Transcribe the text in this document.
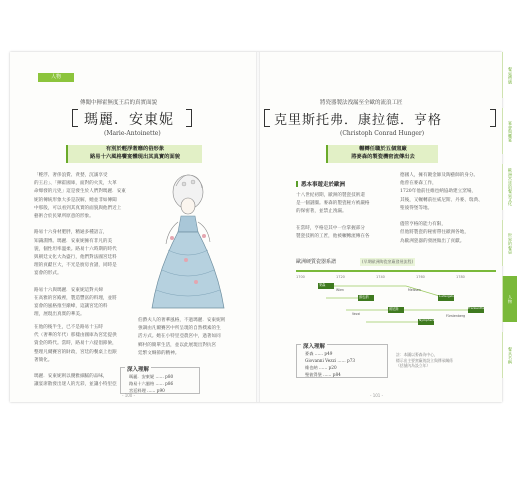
人物
傳聞中揮霍無度王后的真實面貌
瑪麗．安東妮
(Marie-Antoinette)
有別於輕浮奢靡的俗形象
路易十六風格饗宴體現出其真實的面貌
「輕浮、奢侈浪費、貪婪，沉溺享受
的王后」、「揮霍國庫，面對的火災，大革
命爆發的元兇」這是發生於人們對瑪麗．安東
妮的傳統形象大多是誤解，她並非如傳聞
中那般，可以看到其真實的面貌與他們近上
藝術合於民眾所原意的形象。

路易十六身材肥胖，精通多種語言，
知識淵博。瑪麗．安東妮擁有非凡的美
貌，個性坦率溫柔。路易十六時期的時代
與朝廷文化大為盛行，他們對法國宮廷料
理的貢獻巨大，不光是廚房食譜，同時是
宴會的形式。

路易十六與瑪麗．安東妮這對夫婦
在高雅的宮殿裡，製造豐富的料理，並將
宴會的風格推至巔峰，這讓宮廷的料
理，展現出真實的華美。
在他的後半生，已不是路易十五時
代（奢華的年代）那樣由國庫為宮廷提供
資金的時代。當時，路易十六提倡節儉，
整理凡爾賽宮的財政，宮廷的餐桌上也跟
著簡化。

瑪麗．安東妮則以優雅細膩的品味，
讓宴席散發出迷人的光彩，並讓小特里亞
伯爵夫人的奢華風格，不過瑪麗．安東妮則
強調由凡爾賽宮中所呈現的自然樸素的生
活方式。她在小特里亞農宮中，過著如同
鄉村的簡單生活，並以此展現出對抗宮
廷繁文縟節的精神。
深入理解
瑪麗．安東妮 …… p80
路易十六風格 …… p86
宮廷料理 …… p90
- 100 -
將瓷器製法洩漏至全歐的流浪工匠
克里斯托弗．康拉德．亨格
(Christoph Conrad Hunger)
輾轉任職於五個窯廠
將麥森的製瓷機密流傳出去
悉本事遊走於歐洲
十八世紀初期，歐洲的製瓷技術還
是一個謎團。麥森的製瓷秘方被嚴格
的保密著，並禁止洩漏。

在當時，亨格是其中一位掌握部分
製瓷技術的工匠，他被輾轉流傳在各
德國人，擁有鍍金師及陶藝師的身分。
他曾在麥森工作，
1720年他前往維也納協助建立窯場，
其後，又輾轉前往威尼斯、丹麥、瑞典、
聖彼得堡等地。

儘管亨格的能力有限，
但他將製瓷的秘密帶往歐洲各地，
為歐洲瓷器的發展做出了貢獻。
歐洲硬質瓷器系譜	(早期歐洲陶瓷窯廠發展流程)
1700	1720	1740	1760	1780
麥森
維也納
威尼斯
Wien
Vezzi
Nymphenburg
Meissen
Ludwigsburg
Frankenthal
Fürstenberg
深入理解
麥森 …… p49
Giovanni Vezzi …… p73
維也納 …… p20
聖彼得堡 …… p84
註：本圖以麥森為中心，
標示出主要窯廠的設立與傳承關係
（括號內為設立年）
- 101 -
餐桌禮儀
宴會與饗宴
歐洲宮廷的餐桌文化
世界的餐桌
人物
餐具名稱
